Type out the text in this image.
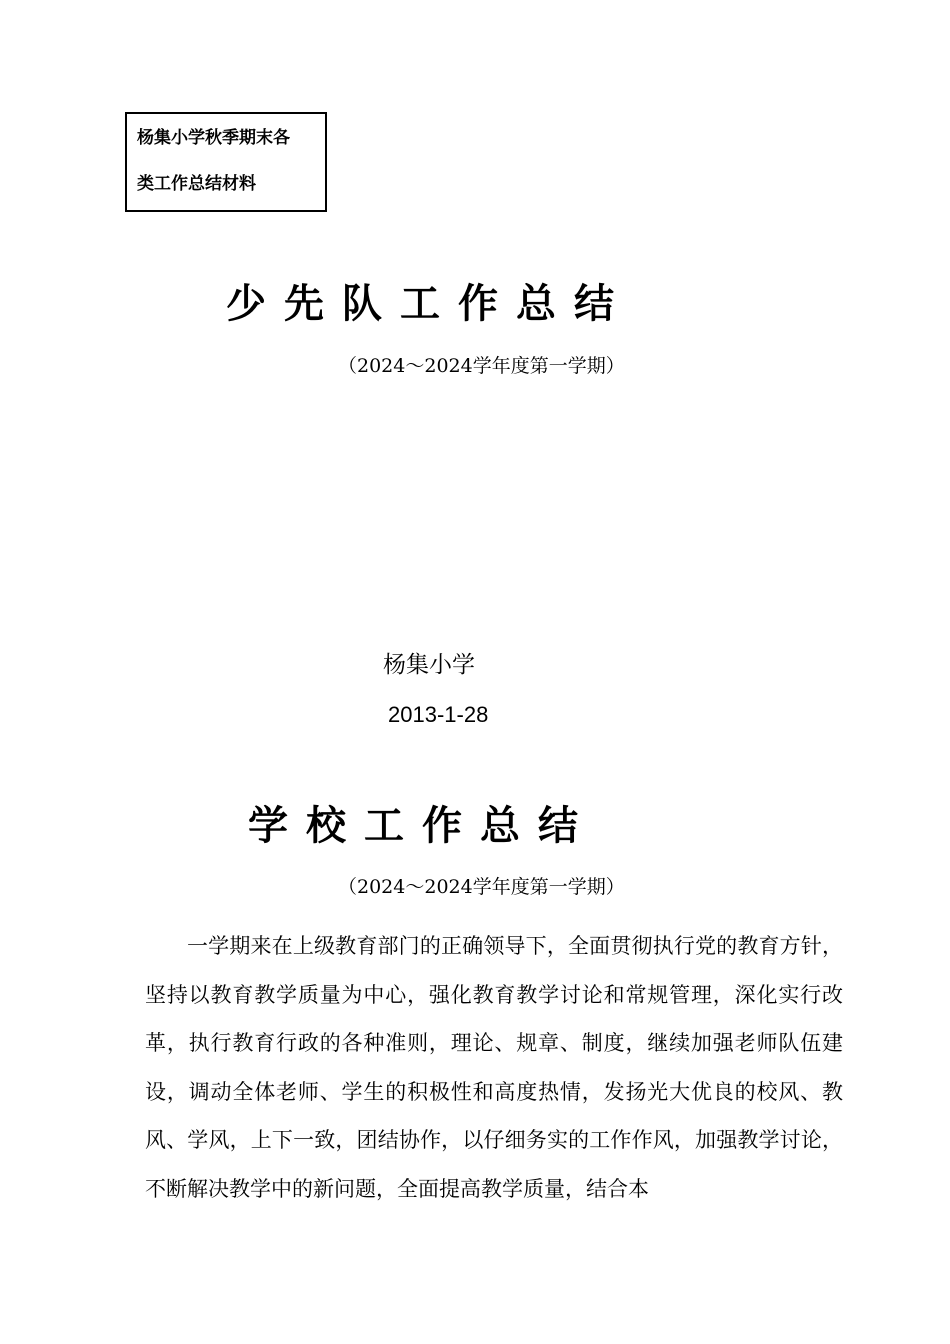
杨集小学秋季期末各
类工作总结材料
少先队工作总结
（2024～2024学年度第一学期）
杨集小学
2013-1-28
学校工作总结
（2024～2024学年度第一学期）

一学期来在上级教育部门的正确领导下，全面贯彻执行党的教育方针，坚持以教育教学质量为中心，强化教育教学讨论和常规管理，深化实行改革，执行教育行政的各种准则，理论、规章、制度，继续加强老师队伍建设，调动全体老师、学生的积极性和高度热情，发扬光大优良的校风、教风、学风，上下一致，团结协作，以仔细务实的工作作风，加强教学讨论，不断解决教学中的新问题，全面提高教学质量，结合本
